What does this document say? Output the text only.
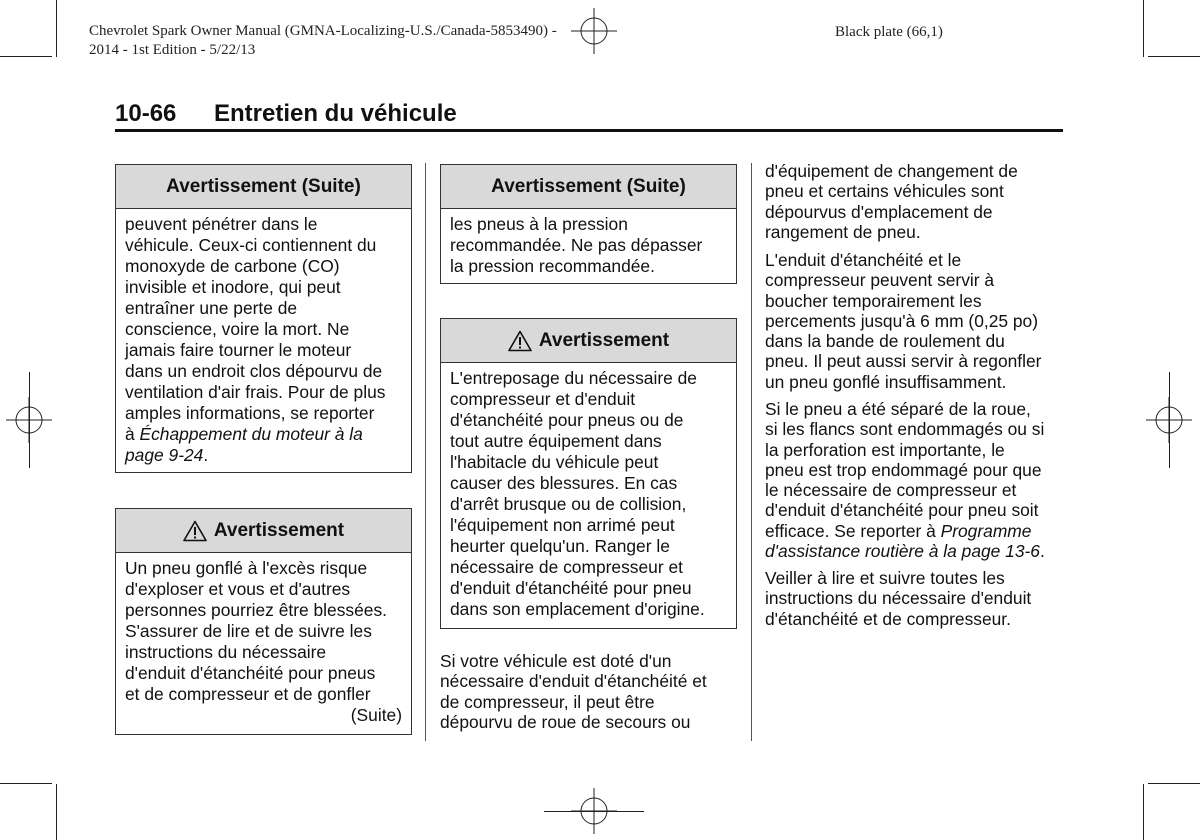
Chevrolet Spark Owner Manual (GMNA-Localizing-U.S./Canada-5853490) -
2014 - 1st Edition - 5/22/13
Black plate (66,1)
10-66 Entretien du véhicule
Avertissement (Suite)
peuvent pénétrer dans le
véhicule. Ceux-ci contiennent du
monoxyde de carbone (CO)
invisible et inodore, qui peut
entraîner une perte de
conscience, voire la mort. Ne
jamais faire tourner le moteur
dans un endroit clos dépourvu de
ventilation d'air frais. Pour de plus
amples informations, se reporter
à Échappement du moteur à la
page 9-24.
Avertissement
Un pneu gonflé à l'excès risque
d'exploser et vous et d'autres
personnes pourriez être blessées.
S'assurer de lire et de suivre les
instructions du nécessaire
d'enduit d'étanchéité pour pneus
et de compresseur et de gonfler
(Suite)
Avertissement (Suite)
les pneus à la pression
recommandée. Ne pas dépasser
la pression recommandée.
Avertissement
L'entreposage du nécessaire de
compresseur et d'enduit
d'étanchéité pour pneus ou de
tout autre équipement dans
l'habitacle du véhicule peut
causer des blessures. En cas
d'arrêt brusque ou de collision,
l'équipement non arrimé peut
heurter quelqu'un. Ranger le
nécessaire de compresseur et
d'enduit d'étanchéité pour pneu
dans son emplacement d'origine.
Si votre véhicule est doté d'un
nécessaire d'enduit d'étanchéité et
de compresseur, il peut être
dépourvu de roue de secours ou
d'équipement de changement de
pneu et certains véhicules sont
dépourvus d'emplacement de
rangement de pneu.
L'enduit d'étanchéité et le
compresseur peuvent servir à
boucher temporairement les
percements jusqu'à 6 mm (0,25 po)
dans la bande de roulement du
pneu. Il peut aussi servir à regonfler
un pneu gonflé insuffisamment.
Si le pneu a été séparé de la roue,
si les flancs sont endommagés ou si
la perforation est importante, le
pneu est trop endommagé pour que
le nécessaire de compresseur et
d'enduit d'étanchéité pour pneu soit
efficace. Se reporter à Programme
d'assistance routière à la page 13-6.
Veiller à lire et suivre toutes les
instructions du nécessaire d'enduit
d'étanchéité et de compresseur.
